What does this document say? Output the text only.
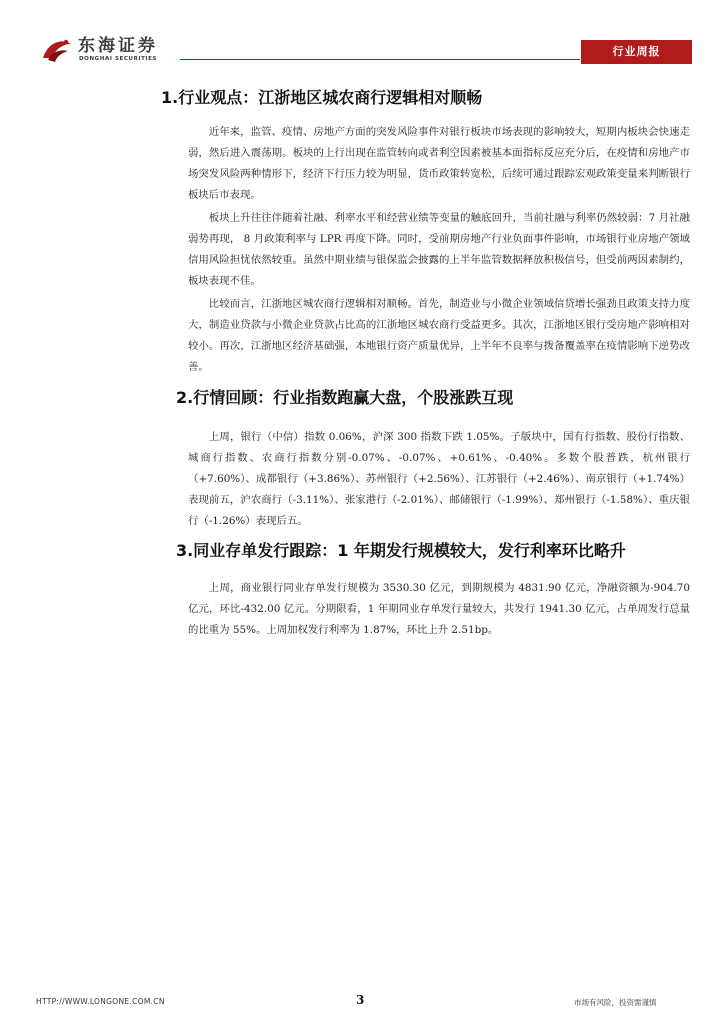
东海证券
DONGHAI SECURITIES
行业周报
1.行业观点：江浙地区城农商行逻辑相对顺畅

近年来，监管、疫情、房地产方面的突发风险事件对银行板块市场表现的影响较大，短期内板块会快速走弱，然后进入震荡期。板块的上行出现在监管转向或者利空因素被基本面指标反应充分后，在疫情和房地产市场突发风险两种情形下，经济下行压力较为明显，货币政策转宽松，后续可通过跟踪宏观政策变量来判断银行板块后市表现。

板块上升往往伴随着社融、利率水平和经营业绩等变量的触底回升，当前社融与利率仍然较弱：7 月社融弱势再现， 8 月政策利率与 LPR 再度下降。同时，受前期房地产行业负面事件影响，市场银行业房地产领域信用风险担忧依然较重。虽然中期业绩与银保监会披露的上半年监管数据释放积极信号，但受前两因素制约，板块表现不佳。

比较而言，江浙地区城农商行逻辑相对顺畅。首先，制造业与小微企业领域信贷增长强劲且政策支持力度大，制造业贷款与小微企业贷款占比高的江浙地区城农商行受益更多。其次，江浙地区银行受房地产影响相对较小。再次，江浙地区经济基础强，本地银行资产质量优异，上半年不良率与拨备覆盖率在疫情影响下逆势改善。

2.行情回顾：行业指数跑赢大盘，个股涨跌互现

上周，银行（中信）指数 0.06%，沪深 300 指数下跌 1.05%。子版块中，国有行指数、股份行指数、城商行指数、农商行指数分别-0.07%、-0.07%、+0.61%、-0.40%。多数个股普跌，杭州银行（+7.60%）、成都银行（+3.86%）、苏州银行（+2.56%）、江苏银行（+2.46%）、南京银行（+1.74%）表现前五，沪农商行（-3.11%）、张家港行（-2.01%）、邮储银行（-1.99%）、郑州银行（-1.58%）、重庆银行（-1.26%）表现后五。

3.同业存单发行跟踪：1 年期发行规模较大，发行利率环比略升

上周，商业银行同业存单发行规模为 3530.30 亿元，到期规模为 4831.90 亿元，净融资额为-904.70 亿元，环比-432.00 亿元。分期限看，1 年期同业存单发行量较大，共发行 1941.30 亿元，占单周发行总量的比重为 55%。上周加权发行利率为 1.87%，环比上升 2.51bp。

HTTP://WWW.LONGONE.COM.CN	3	市场有风险，投资需谨慎
